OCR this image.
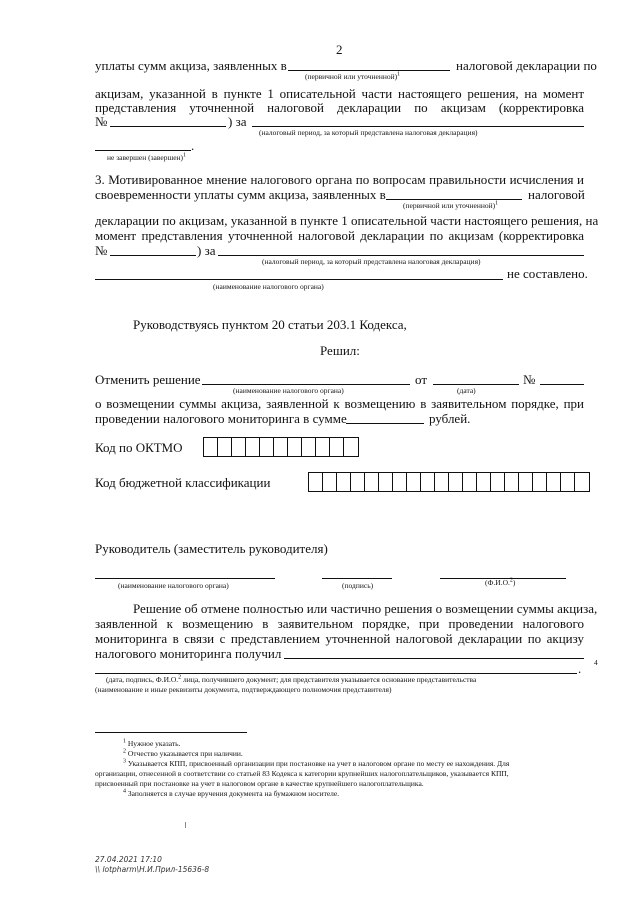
2
уплаты сумм акциза, заявленных в	налоговой декларации по
(первичной или уточненной)$^1$
акцизам, указанной в пункте 1 описательной части настоящего решения, на момент
представления уточненной налоговой декларации по акцизам (корректировка
№	) за
(налоговый период, за который представлена налоговая декларация)
.
не завершен (завершен)$^1$
3. Мотивированное мнение налогового органа по вопросам правильности исчисления и
своевременности уплаты сумм акциза, заявленных в	налоговой
(первичной или уточненной)$^1$
декларации по акцизам, указанной в пункте 1 описательной части настоящего решения, на
момент представления уточненной налоговой декларации по акцизам (корректировка
№	) за
(налоговый период, за который представлена налоговая декларация)
не составлено.
(наименование налогового органа)
Руководствуясь пунктом 20 статьи 203.1 Кодекса,
Решил:
Отменить решение	от	№
(наименование налогового органа)	(дата)
о возмещении суммы акциза, заявленной к возмещению в заявительном порядке, при
проведении налогового мониторинга в сумме	рублей.
Код по ОКТМО
Код бюджетной классификации
Руководитель (заместитель руководителя)
(наименование налогового органа)	(подпись)	(Ф.И.О.$^2$)
Решение об отмене полностью или частично решения о возмещении суммы акциза,
заявленной к возмещению в заявительном порядке, при проведении налогового
мониторинга в связи с представлением уточненной налоговой декларации по акцизу
налогового мониторинга получил
. 4
(дата, подпись, Ф.И.О.$^2$ лица, получившего документ; для представителя указывается основание представительства
(наименование и иные реквизиты документа, подтверждающего полномочия представителя)
$^1$ Нужное указать.
$^2$ Отчество указывается при наличии.
$^3$ Указывается КПП, присвоенный организации при постановке на учет в налоговом органе по месту ее нахождения. Для
организации, отнесенной в соответствии со статьей 83 Кодекса к категории крупнейших налогоплательщиков, указывается КПП,
присвоенный при постановке на учет в налоговом органе в качестве крупнейшего налогоплательщика.
$^4$ Заполняется в случае вручения документа на бумажном носителе.
27.04.2021 17:10
\\ lotpharm\Н.И.Прил-15636-8
